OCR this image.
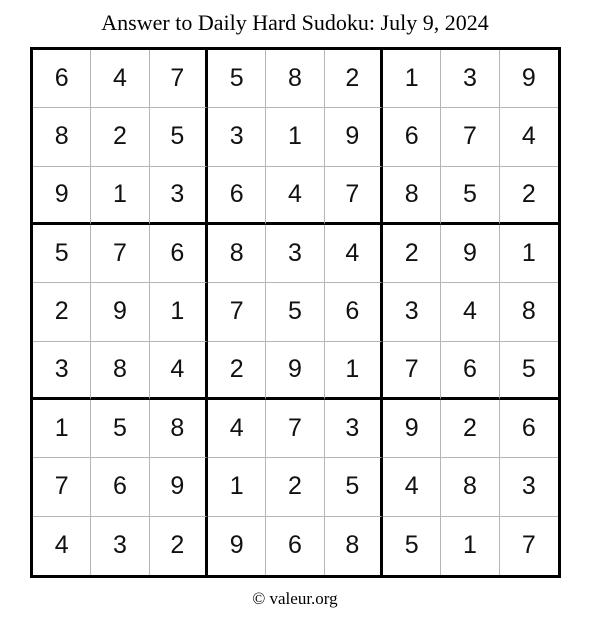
Answer to Daily Hard Sudoku: July 9, 2024
6	4	7	5	8	2	1	3	9
8	2	5	3	1	9	6	7	4
9	1	3	6	4	7	8	5	2
5	7	6	8	3	4	2	9	1
2	9	1	7	5	6	3	4	8
3	8	4	2	9	1	7	6	5
1	5	8	4	7	3	9	2	6
7	6	9	1	2	5	4	8	3
4	3	2	9	6	8	5	1	7
© valeur.org
